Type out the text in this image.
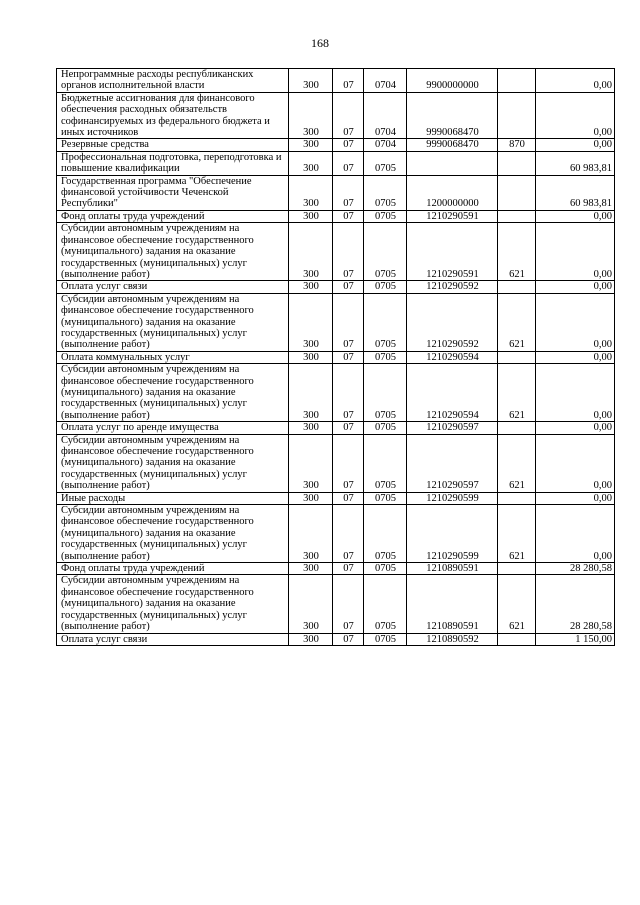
168
Непрограммные расходы республиканских органов исполнительной власти	300	07	0704	9900000000		0,00
Бюджетные ассигнования для финансового обеспечения расходных обязательств софинансируемых из федерального бюджета и иных источников	300	07	0704	9990068470		0,00
Резервные средства	300	07	0704	9990068470	870	0,00
Профессиональная подготовка, переподготовка и повышение квалификации	300	07	0705			60 983,81
Государственная программа "Обеспечение финансовой устойчивости Чеченской Республики"	300	07	0705	1200000000		60 983,81
Фонд оплаты труда учреждений	300	07	0705	1210290591		0,00
Субсидии автономным учреждениям на финансовое обеспечение государственного (муниципального) задания на оказание государственных (муниципальных) услуг (выполнение работ)	300	07	0705	1210290591	621	0,00
Оплата услуг связи	300	07	0705	1210290592		0,00
Субсидии автономным учреждениям на финансовое обеспечение государственного (муниципального) задания на оказание государственных (муниципальных) услуг (выполнение работ)	300	07	0705	1210290592	621	0,00
Оплата коммунальных услуг	300	07	0705	1210290594		0,00
Субсидии автономным учреждениям на финансовое обеспечение государственного (муниципального) задания на оказание государственных (муниципальных) услуг (выполнение работ)	300	07	0705	1210290594	621	0,00
Оплата услуг по аренде имущества	300	07	0705	1210290597		0,00
Субсидии автономным учреждениям на финансовое обеспечение государственного (муниципального) задания на оказание государственных (муниципальных) услуг (выполнение работ)	300	07	0705	1210290597	621	0,00
Иные расходы	300	07	0705	1210290599		0,00
Субсидии автономным учреждениям на финансовое обеспечение государственного (муниципального) задания на оказание государственных (муниципальных) услуг (выполнение работ)	300	07	0705	1210290599	621	0,00
Фонд оплаты труда учреждений	300	07	0705	1210890591		28 280,58
Субсидии автономным учреждениям на финансовое обеспечение государственного (муниципального) задания на оказание государственных (муниципальных) услуг (выполнение работ)	300	07	0705	1210890591	621	28 280,58
Оплата услуг связи	300	07	0705	1210890592		1 150,00
